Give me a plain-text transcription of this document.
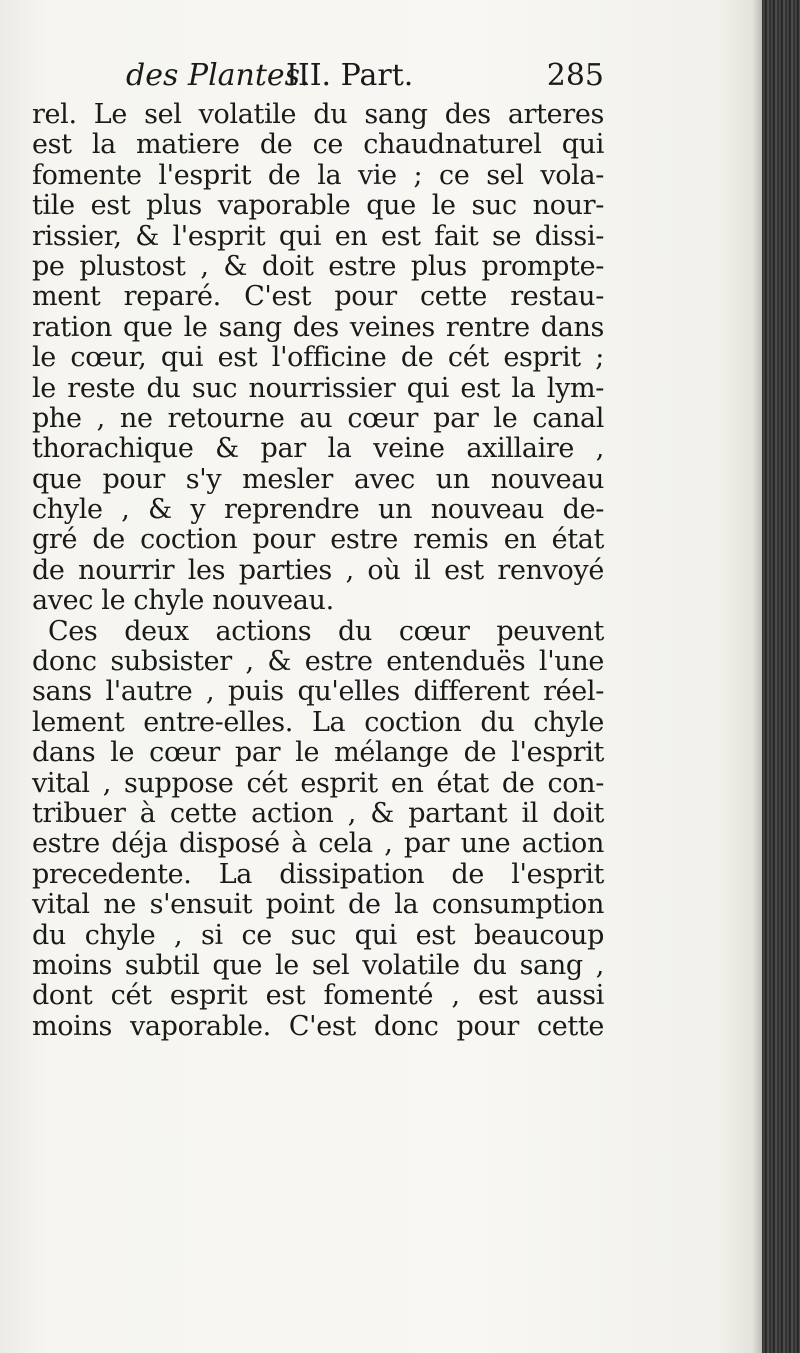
des Plantes.
III. Part.	285
rel. Le sel volatile du sang des arteres
est la matiere de ce chaudnaturel qui
fomente l'esprit de la vie ; ce sel vola-
tile est plus vaporable que le suc nour-
rissier, & l'esprit qui en est fait se dissi-
pe plustost , & doit estre plus prompte-
ment reparé. C'est pour cette restau-
ration que le sang des veines rentre dans
le cœur, qui est l'officine de cét esprit ;
le reste du suc nourrissier qui est la lym-
phe , ne retourne au cœur par le canal
thorachique & par la veine axillaire ,
que pour s'y mesler avec un nouveau
chyle , & y reprendre un nouveau de-
gré de coction pour estre remis en état
de nourrir les parties , où il est renvoyé
avec le chyle nouveau.
Ces deux actions du cœur peuvent
donc subsister , & estre entenduës l'une
sans l'autre , puis qu'elles different réel-
lement entre-elles. La coction du chyle
dans le cœur par le mélange de l'esprit
vital , suppose cét esprit en état de con-
tribuer à cette action , & partant il doit
estre déja disposé à cela , par une action
precedente. La dissipation de l'esprit
vital ne s'ensuit point de la consumption
du chyle , si ce suc qui est beaucoup
moins subtil que le sel volatile du sang ,
dont cét esprit est fomenté , est aussi
moins vaporable. C'est donc pour cette
